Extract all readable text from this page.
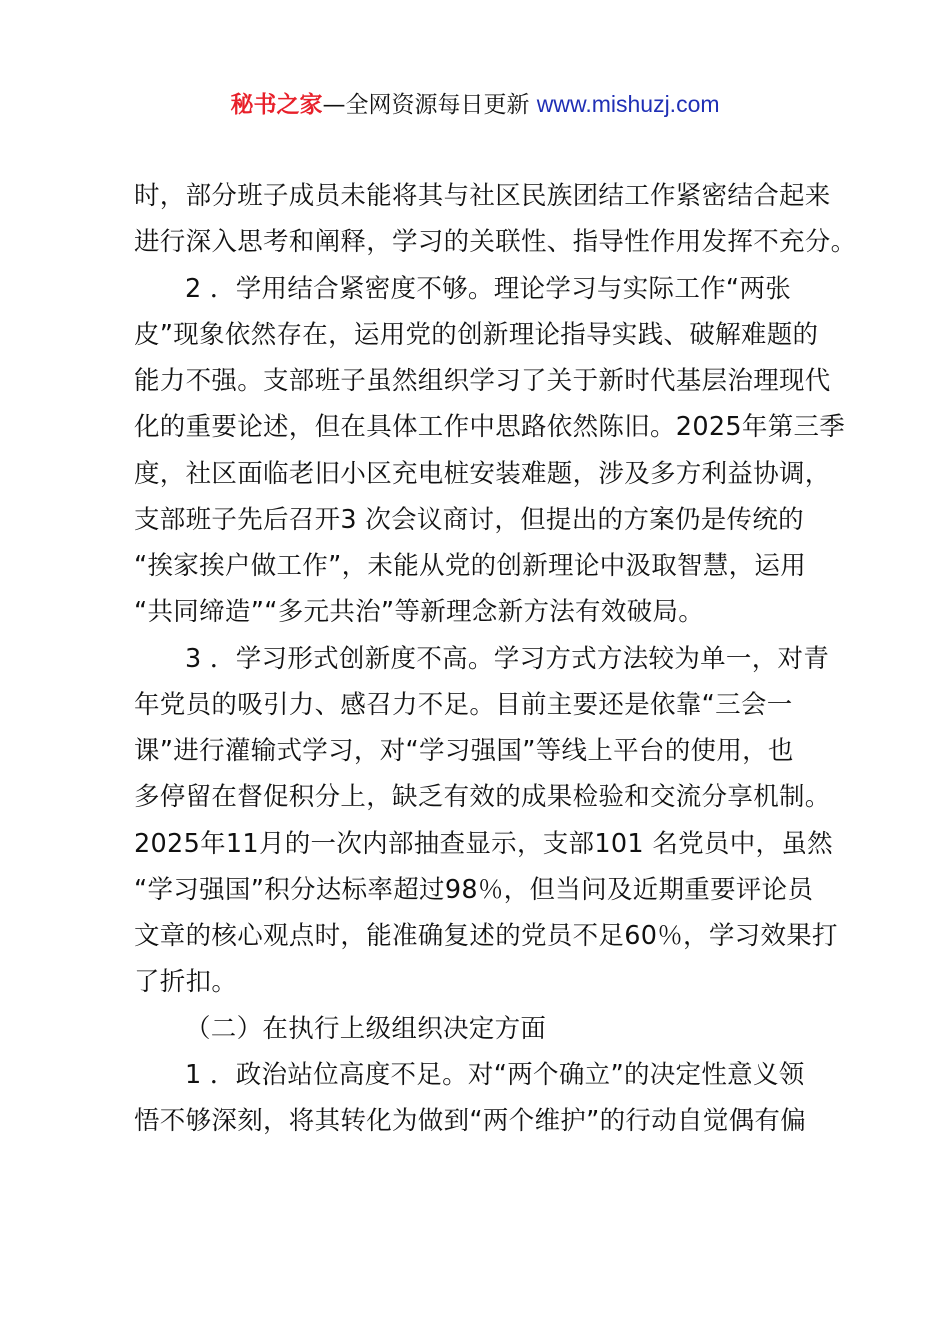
秘书之家—全网资源每日更新 www.mishuzj.com
时，部分班子成员未能将其与社区民族团结工作紧密结合起来
进行深入思考和阐释，学习的关联性、指导性作用发挥不充分。
2 ．学用结合紧密度不够。理论学习与实际工作“两张
皮”现象依然存在，运用党的创新理论指导实践、破解难题的
能力不强。支部班子虽然组织学习了关于新时代基层治理现代
化的重要论述，但在具体工作中思路依然陈旧。2025年第三季
度，社区面临老旧小区充电桩安装难题，涉及多方利益协调，
支部班子先后召开3 次会议商讨，但提出的方案仍是传统的
“挨家挨户做工作”，未能从党的创新理论中汲取智慧，运用
“共同缔造”“多元共治”等新理念新方法有效破局。
3 ．学习形式创新度不高。学习方式方法较为单一，对青
年党员的吸引力、感召力不足。目前主要还是依靠“三会一
课”进行灌输式学习，对“学习强国”等线上平台的使用，也
多停留在督促积分上，缺乏有效的成果检验和交流分享机制。
2025年11月的一次内部抽查显示，支部101 名党员中，虽然
“学习强国”积分达标率超过98％，但当问及近期重要评论员
文章的核心观点时，能准确复述的党员不足60％，学习效果打
了折扣。
（二）在执行上级组织决定方面
1 ．政治站位高度不足。对“两个确立”的决定性意义领
悟不够深刻，将其转化为做到“两个维护”的行动自觉偶有偏
